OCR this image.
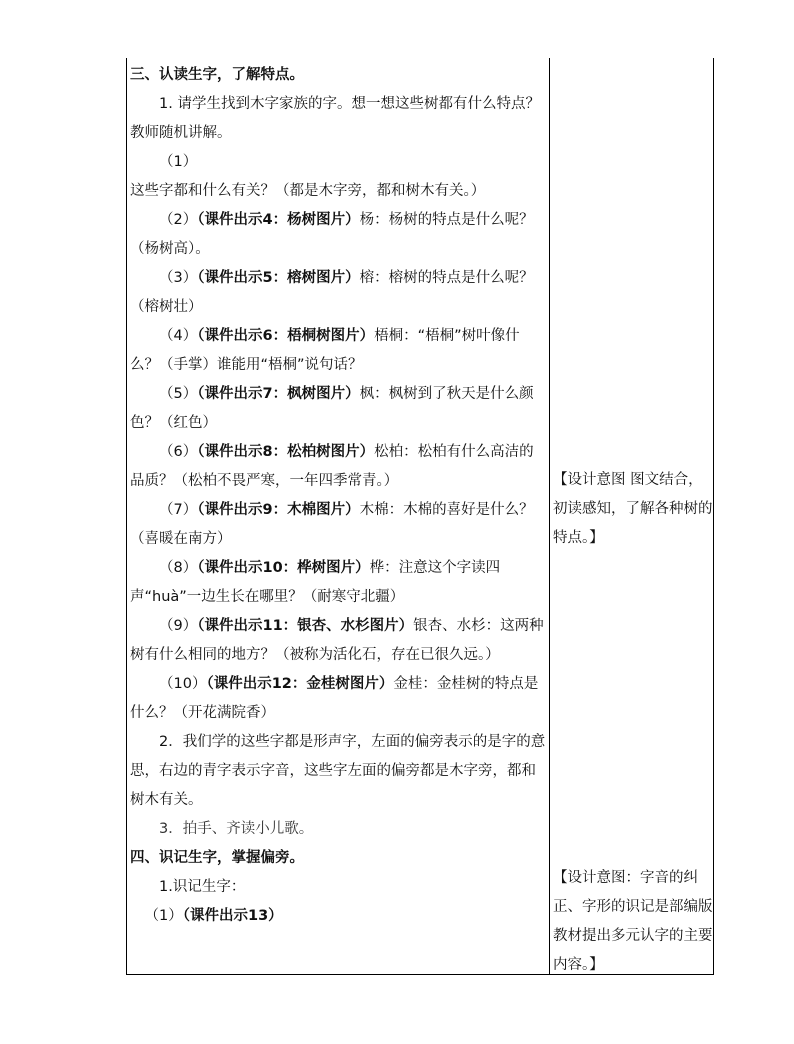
三、认读生字，了解特点。

1. 请学生找到木字家族的字。想一想这些树都有什么特点？教师随机讲解。

（1）这些字都和什么有关？（都是木字旁，都和树木有关。）

（2）（课件出示4：杨树图片）杨：杨树的特点是什么呢？（杨树高）。

（3）（课件出示5：榕树图片）榕：榕树的特点是什么呢？（榕树壮）

（4）（课件出示6：梧桐树图片）梧桐：“梧桐”树叶像什么？（手掌）谁能用“梧桐”说句话？

（5）（课件出示7：枫树图片）枫：枫树到了秋天是什么颜色？（红色）

（6）（课件出示8：松柏树图片）松柏：松柏有什么高洁的品质？（松柏不畏严寒，一年四季常青。）

（7）（课件出示9：木棉图片）木棉：木棉的喜好是什么？（喜暖在南方）

（8）（课件出示10：桦树图片）桦：注意这个字读四声“huà”一边生长在哪里？（耐寒守北疆）

（9）（课件出示11：银杏、水杉图片）银杏、水杉：这两种树有什么相同的地方？（被称为活化石，存在已很久远。）

（10）（课件出示12：金桂树图片）金桂：金桂树的特点是什么？（开花满院香）

2．我们学的这些字都是形声字，左面的偏旁表示的是字的意思，右边的青字表示字音，这些字左面的偏旁都是木字旁，都和树木有关。

3．拍手、齐读小儿歌。

四、识记生字，掌握偏旁。

1.识记生字：

（1）（课件出示13）

【设计意图 图文结合，初读感知，了解各种树的特点。】

【设计意图：字音的纠正、字形的识记是部编版教材提出多元认字的主要内容。】
